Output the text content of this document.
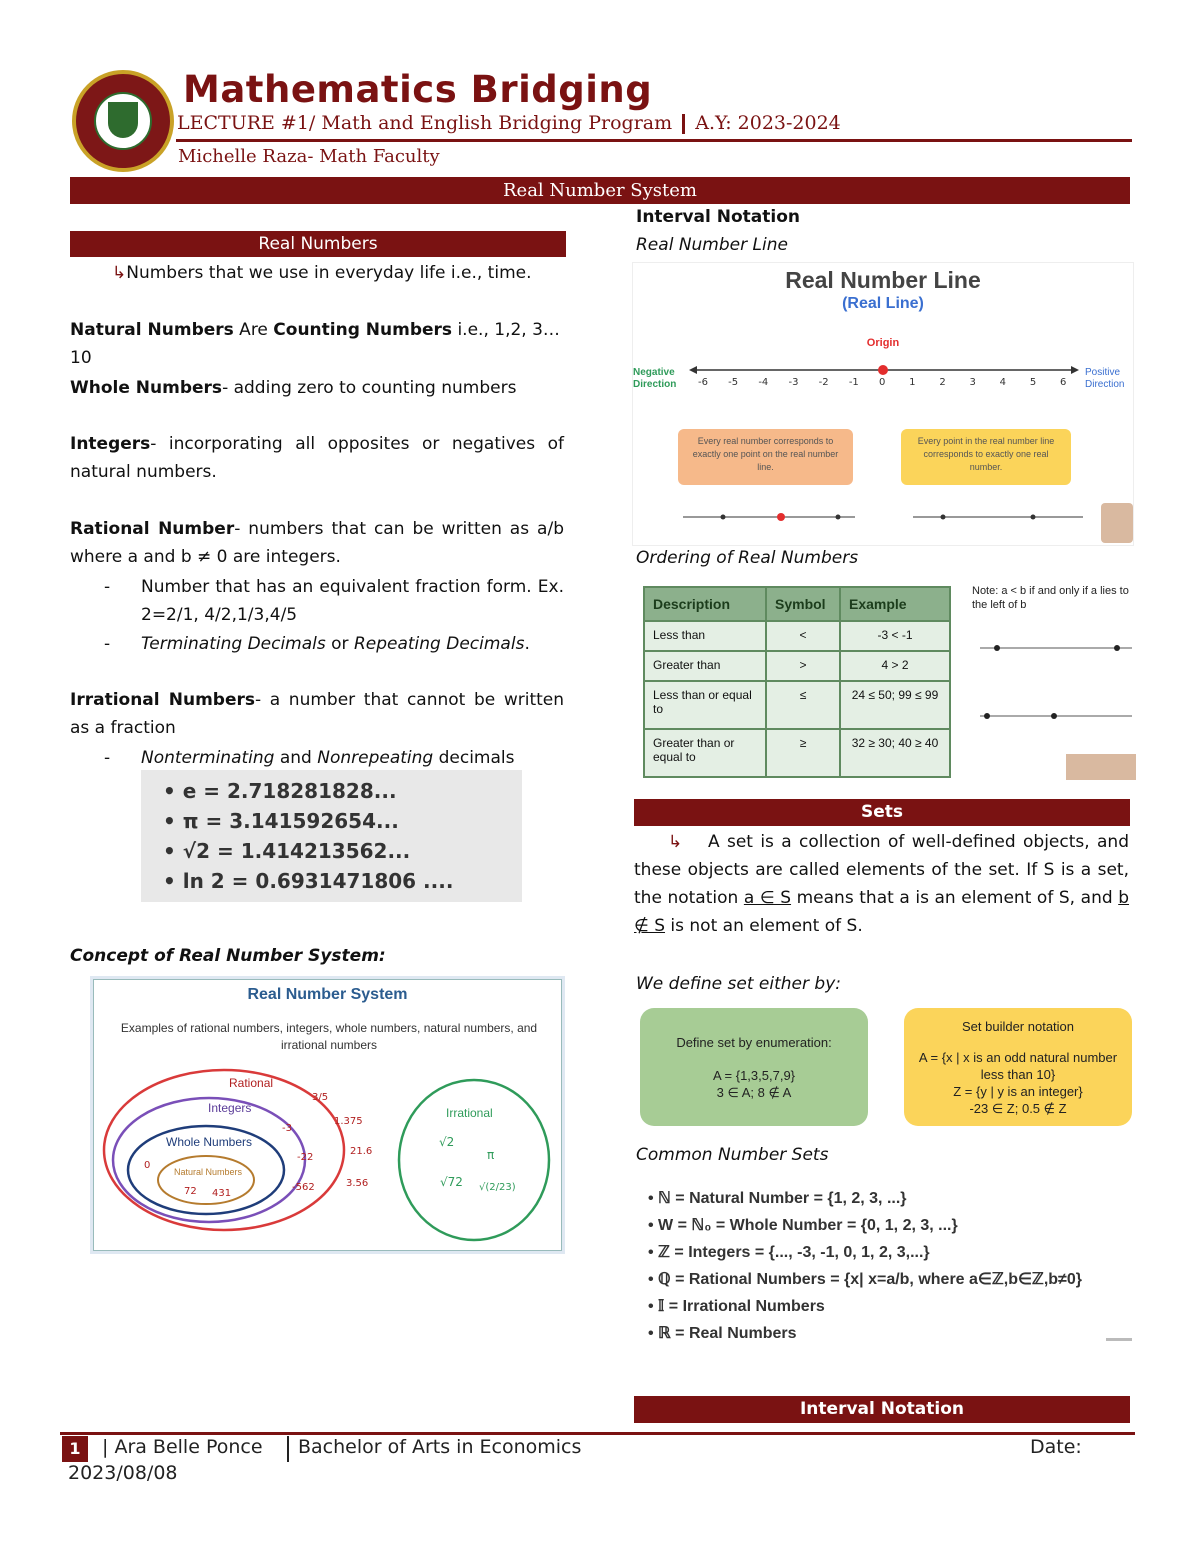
Mathematics Bridging
LECTURE #1/ Math and English Bridging Program A.Y: 2023-2024
Michelle Raza- Math Faculty
Real Number System
Real Numbers
↳Numbers that we use in everyday life i.e., time.
Natural Numbers Are Counting Numbers i.e., 1,2, 3…10
Whole Numbers- adding zero to counting numbers
Integers- incorporating all opposites or negatives of natural numbers.
Rational Number- numbers that can be written as a/b where a and b ≠ 0 are integers.
- Number that has an equivalent fraction form. Ex. 2=2/1, 4/2,1/3,4/5
- Terminating Decimals or Repeating Decimals.
Irrational Numbers- a number that cannot be written as a fraction
- Nonterminating and Nonrepeating decimals
• e = 2.718281828...
• π = 3.141592654...
• √2 = 1.414213562...
• ln 2 = 0.6931471806 ....
Concept of Real Number System:
Real Number System
Examples of rational numbers, integers, whole numbers, natural numbers, and irrational numbers
Rational
Integers
Whole Numbers
Natural Numbers
72 431
0
-3
-22
-562
3/5
1.375
21.6
3.56
Irrational
√2
π
√72 √(2/23)
Interval Notation
Real Number Line
Real Number Line
(Real Line)
Origin
Negative Direction
Positive Direction
-6 -5 -4 -3 -2 -1 0 1 2 3 4 5 6
Every real number corresponds to exactly one point on the real number line.
Every point in the real number line corresponds to exactly one real number.
Ordering of Real Numbers
Description	Symbol	Example
Less than	<	-3 < -1
Greater than	>	4 > 2
Less than or equal to	≤	24 ≤ 50; 99 ≤ 99
Greater than or equal to	≥	32 ≥ 30; 40 ≥ 40
Note: a < b if and only if a lies to the left of b
Sets
↳ A set is a collection of well-defined objects, and these objects are called elements of the set. If S is a set, the notation a ∈ S means that a is an element of S, and b ∉ S is not an element of S.
We define set either by:
Define set by enumeration:
A = {1,3,5,7,9}
3 ∈ A; 8 ∉ A
Set builder notation
A = {x | x is an odd natural number less than 10}
Z = {y | y is an integer}
-23 ∈ Z; 0.5 ∉ Z
Common Number Sets
• ℕ = Natural Number = {1, 2, 3, ...}
• W = ℕ₀ = Whole Number = {0, 1, 2, 3, ...}
• ℤ = Integers = {..., -3, -1, 0, 1, 2, 3,...}
• ℚ = Rational Numbers = {x| x=a/b, where a∈ℤ,b∈ℤ,b≠0}
• 𝕀 = Irrational Numbers
• ℝ = Real Numbers
Interval Notation
1	| Ara Belle Ponce Bachelor of Arts in Economics	Date:
2023/08/08
